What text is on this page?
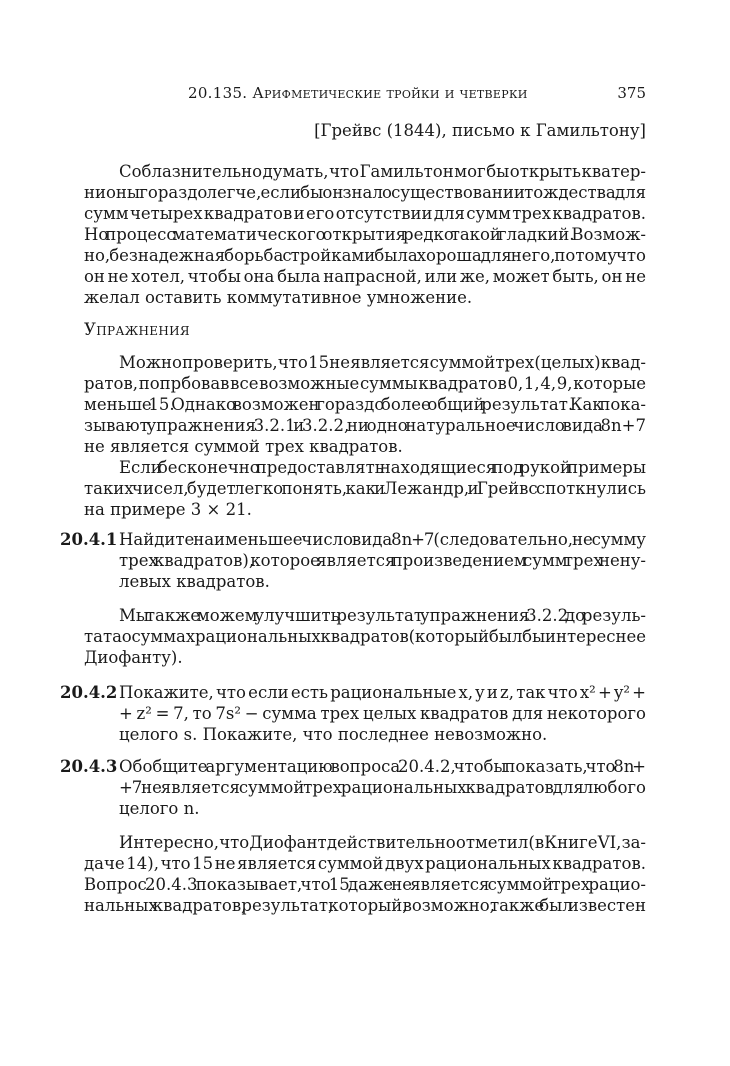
20.135. Арифметические тройки и четверки	375
[Грейвс (1844), письмо к Гамильтону]
Соблазнительно думать, что Гамильтон мог бы открыть кватер-
нионы гораздо легче, если бы он знал о существовании тождества для
сумм четырех квадратов и его отсутствии для сумм трех квадратов.
Но процесс математического открытия редко такой гладкий. Возмож-
но, безнадежная борьба с тройками была хороша для него, потому что
он не хотел, чтобы она была напрасной, или же, может быть, он не
желал оставить коммутативное умножение.
Упражнения
Можно проверить, что 15 не является суммой трех (целых) квад-
ратов, попрбовав все возможные суммы квадратов 0, 1, 4, 9, которые
меньше 15. Однако возможен гораздо более общий результат. Как пока-
зывают упражнения 3.2.1 и 3.2.2, ни одно натуральное число вида 8n+7
не является суммой трех квадратов.
Если бесконечно предоставлять находящиеся под рукой примеры
таких чисел, будет легко понять, как и Лежандр, и Грейвс споткнулись
на примере 3 × 21.
20.4.1 Найдите наименьшее число вида 8n + 7 (следовательно, не сумму
трех квадратов), которое является произведением сумм трех нену-
левых квадратов.
Мы также можем улучшить результат упражнения 3.2.2 до резуль-
тата о суммах рациональных квадратов (который был бы интереснее
Диофанту).
20.4.2 Покажите, что если есть рациональные x, y и z, так что x² + y² +
+ z² = 7, то 7s² − сумма трех целых квадратов для некоторого
целого s. Покажите, что последнее невозможно.
20.4.3 Обобщите аргументацию вопроса 20.4.2, чтобы показать, что 8n +
+ 7 не является суммой трех рациональных квадратов для любого
целого n.
Интересно, что Диофант действительно отметил (в Книге VI, за-
даче 14), что 15 не является суммой двух рациональных квадратов.
Вопрос 20.4.3 показывает, что 15 даже не является суммой трех рацио-
нальных квадратов, результат, который, возможно, также был известен
